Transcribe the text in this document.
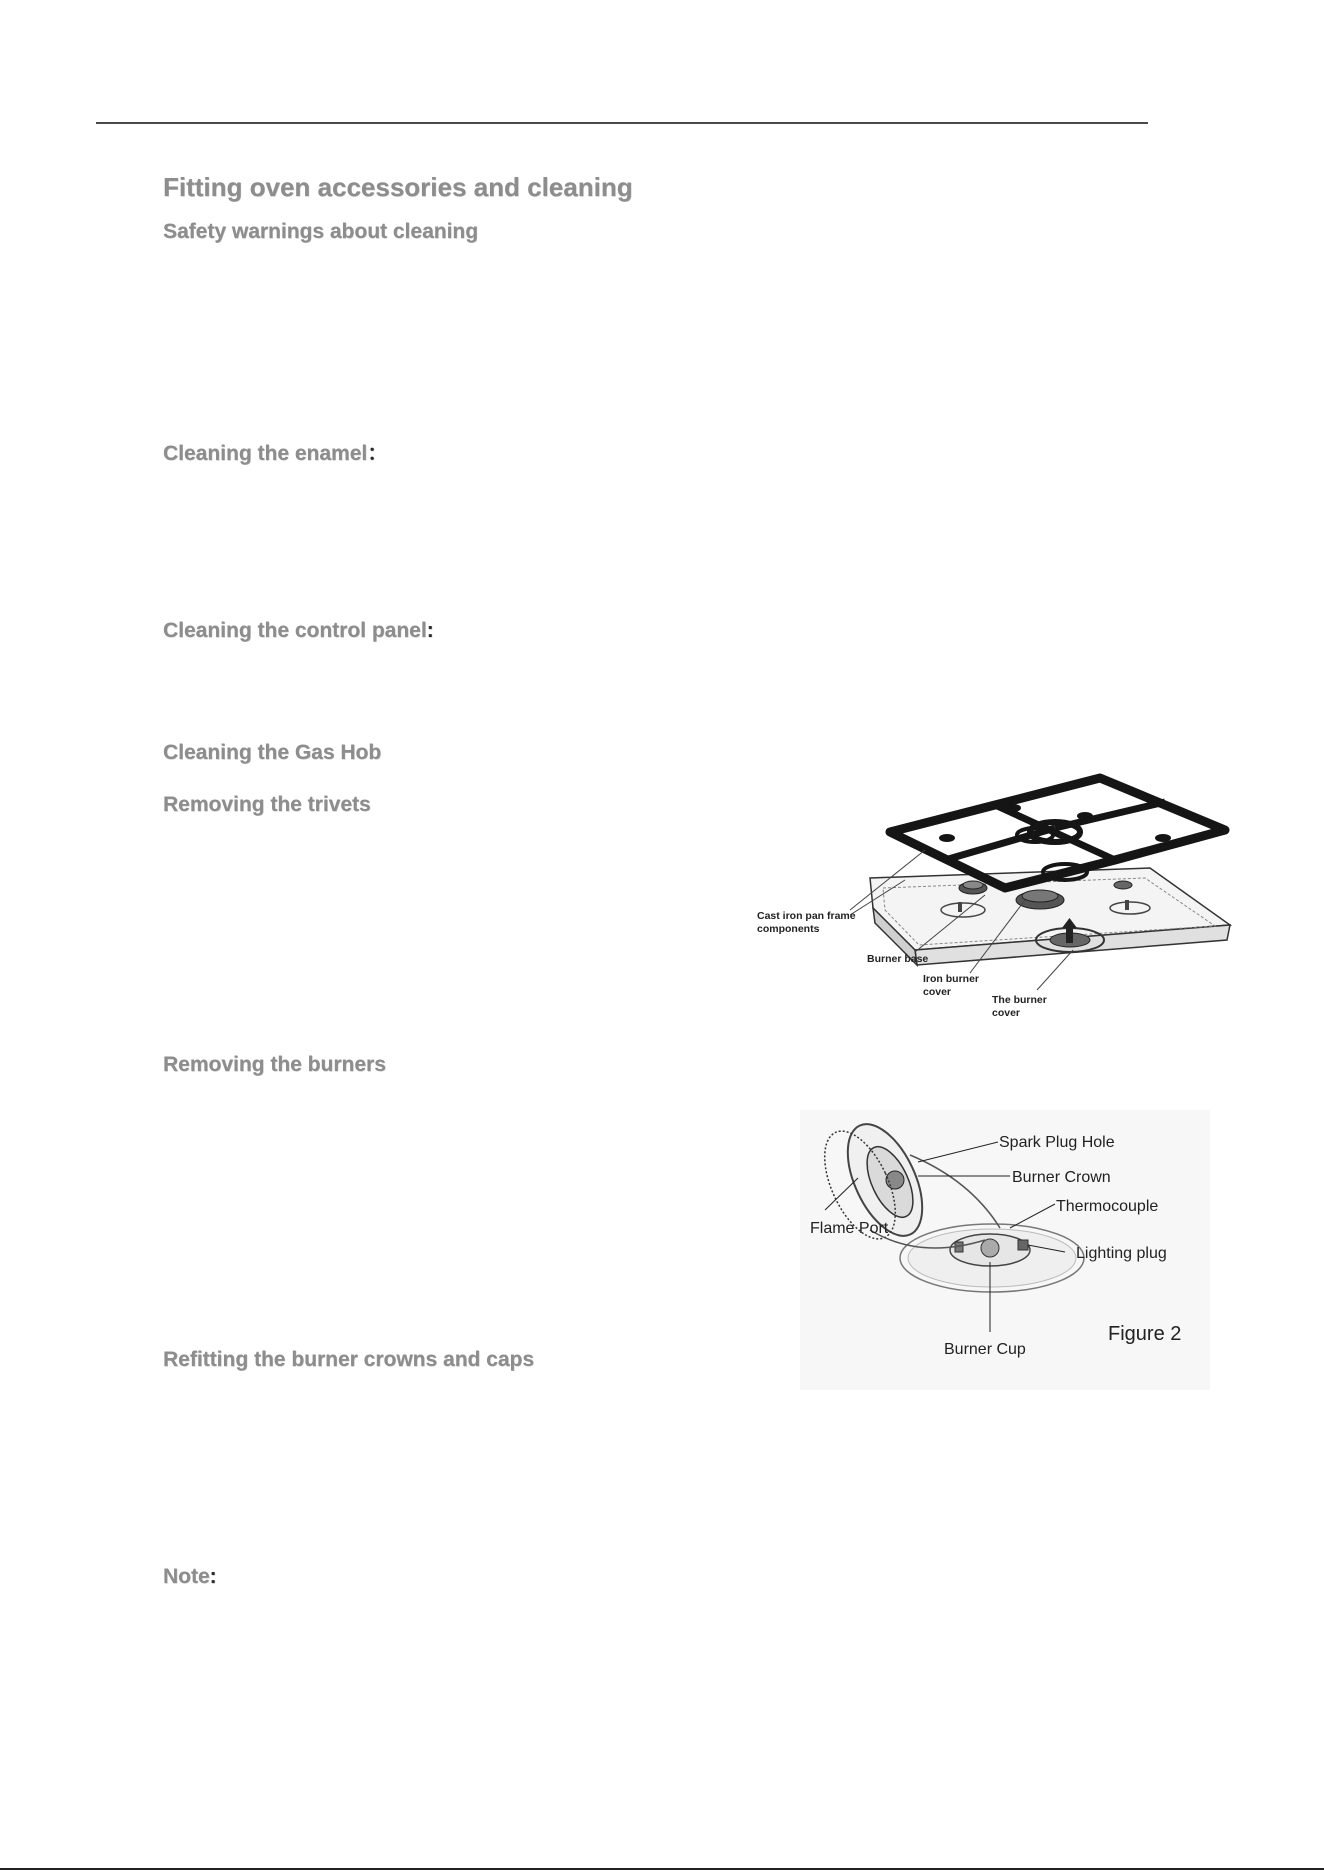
Fitting oven accessories and cleaning
Safety warnings about cleaning
Cleaning the enamel：
Cleaning the control panel:
Cleaning the Gas Hob
Removing the trivets
Removing the burners
Refitting the burner crowns and caps
Note:
Cast iron pan frame
components
Burner base
Iron burner
cover
The burner
cover
Spark Plug Hole
Burner Crown
Thermocouple
Flame Port
Lighting plug
Figure 2
Burner Cup
